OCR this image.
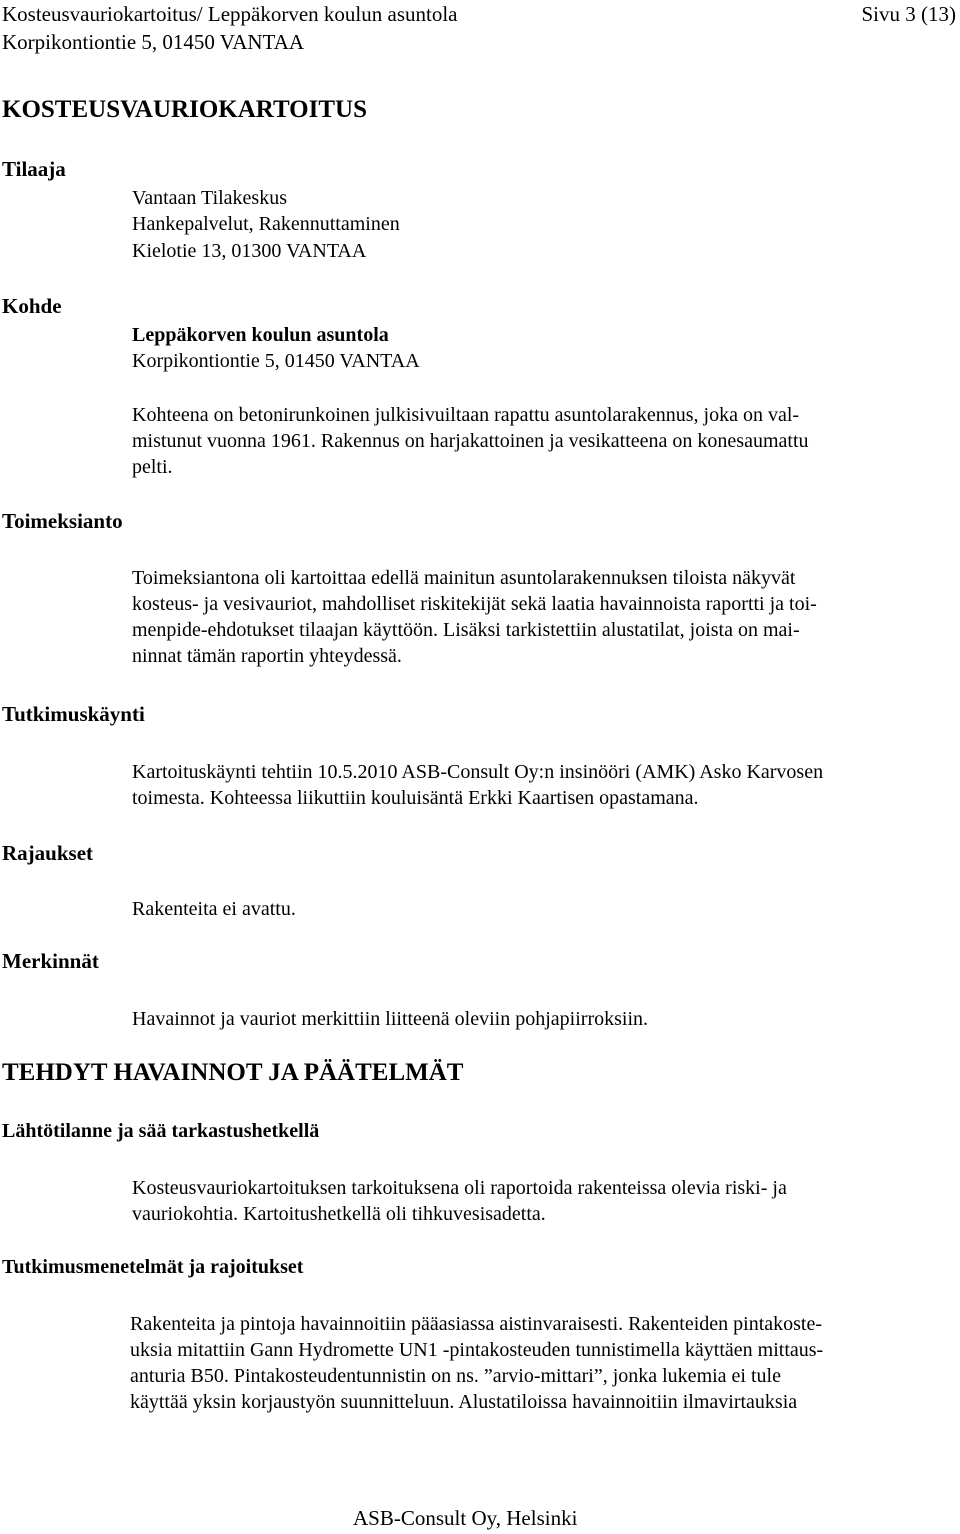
Kosteusvauriokartoitus/ Leppäkorven koulun asuntola
Korpikontiontie 5, 01450 VANTAA
Sivu 3 (13)
KOSTEUSVAURIOKARTOITUS
Tilaaja
Kohde
Toimeksianto
Tutkimuskäynti
Rajaukset
Merkinnät
Vantaan Tilakeskus
Hankepalvelut, Rakennuttaminen
Kielotie 13, 01300 VANTAA
Leppäkorven koulun asuntola
Korpikontiontie 5, 01450 VANTAA
Kohteena on betonirunkoinen julkisivuiltaan rapattu asuntolarakennus, joka on val-
mistunut vuonna 1961. Rakennus on harjakattoinen ja vesikatteena on konesaumattu
pelti.
Toimeksiantona oli kartoittaa edellä mainitun asuntolarakennuksen tiloista näkyvät
kosteus- ja vesivauriot, mahdolliset riskitekijät sekä laatia havainnoista raportti ja toi-
menpide-ehdotukset tilaajan käyttöön. Lisäksi tarkistettiin alustatilat, joista on mai-
ninnat tämän raportin yhteydessä.
Kartoituskäynti tehtiin 10.5.2010 ASB-Consult Oy:n insinööri (AMK) Asko Karvosen
toimesta. Kohteessa liikuttiin kouluisäntä Erkki Kaartisen opastamana.
Rakenteita ei avattu.
Havainnot ja vauriot merkittiin liitteenä oleviin pohjapiirroksiin.
TEHDYT HAVAINNOT JA PÄÄTELMÄT
Lähtötilanne ja sää tarkastushetkellä
Kosteusvauriokartoituksen tarkoituksena oli raportoida rakenteissa olevia riski- ja
vauriokohtia. Kartoitushetkellä oli tihkuvesisadetta.
Tutkimusmenetelmät ja rajoitukset
Rakenteita ja pintoja havainnoitiin pääasiassa aistinvaraisesti. Rakenteiden pintakoste-
uksia mitattiin Gann Hydromette UN1 -pintakosteuden tunnistimella käyttäen mittaus-
anturia B50. Pintakosteudentunnistin on ns. ”arvio-mittari”, jonka lukemia ei tule
käyttää yksin korjaustyön suunnitteluun. Alustatiloissa havainnoitiin ilmavirtauksia
ASB-Consult Oy, Helsinki
